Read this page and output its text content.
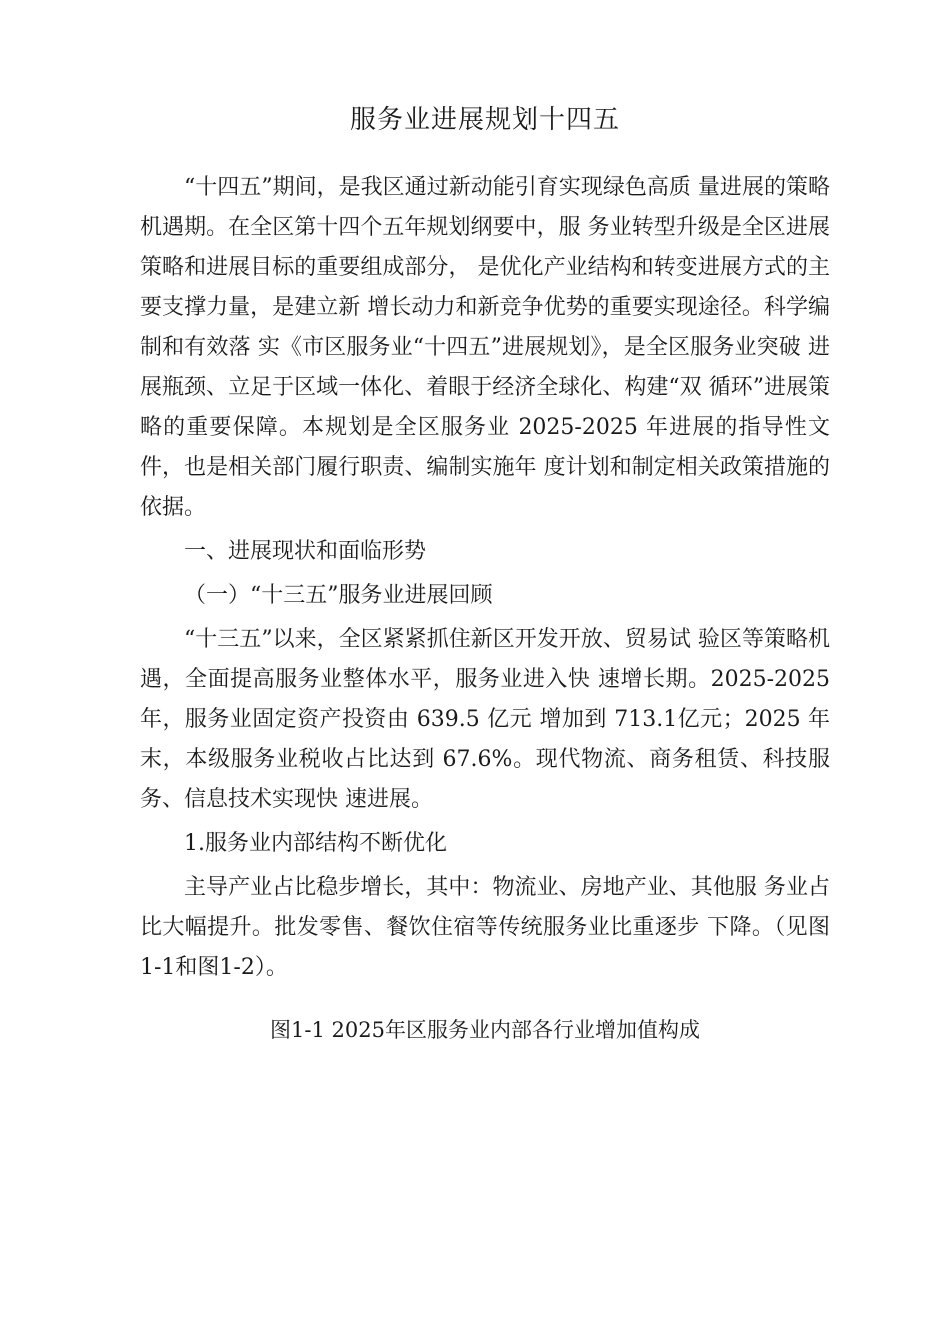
服务业进展规划十四五

“十四五”期间，是我区通过新动能引育实现绿色高质 量进展的策略机遇期。在全区第十四个五年规划纲要中，服 务业转型升级是全区进展策略和进展目标的重要组成部分， 是优化产业结构和转变进展方式的主要支撑力量，是建立新 增长动力和新竞争优势的重要实现途径。科学编制和有效落 实《市区服务业“十四五”进展规划》，是全区服务业突破 进展瓶颈、立足于区域一体化、着眼于经济全球化、构建“双 循环”进展策略的重要保障。本规划是全区服务业 2025-2025 年进展的指导性文件，也是相关部门履行职责、编制实施年 度计划和制定相关政策措施的依据。

一、进展现状和面临形势

（一）“十三五”服务业进展回顾

“十三五”以来，全区紧紧抓住新区开发开放、贸易试 验区等策略机遇，全面提高服务业整体水平，服务业进入快 速增长期。2025-2025 年，服务业固定资产投资由 639.5 亿元 增加到 713.1亿元；2025 年末，本级服务业税收占比达到 67.6%。现代物流、商务租赁、科技服务、信息技术实现快 速进展。

1.服务业内部结构不断优化

主导产业占比稳步增长，其中：物流业、房地产业、其他服 务业占比大幅提升。批发零售、餐饮住宿等传统服务业比重逐步 下降。（见图1-1和图1-2）。

图1-1 2025年区服务业内部各行业增加值构成
